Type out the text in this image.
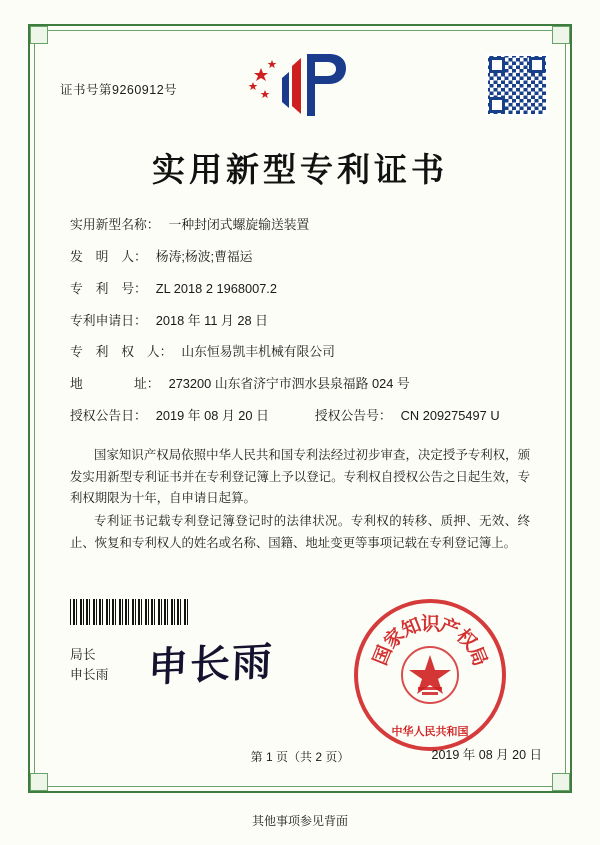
证书号第9260912号
实用新型专利证书
实用新型名称： 一种封闭式螺旋输送装置
发　明　人： 杨涛;杨波;曹福运
专　利　号： ZL 2018 2 1968007.2
专利申请日： 2018 年 11 月 28 日
专　利　权　人： 山东恒易凯丰机械有限公司
地　　　　址： 273200 山东省济宁市泗水县泉福路 024 号
授权公告日： 2019 年 08 月 20 日	授权公告号： CN 209275497 U

国家知识产权局依照中华人民共和国专利法经过初步审查，决定授予专利权，颁发实用新型专利证书并在专利登记簿上予以登记。专利权自授权公告之日起生效，专利权期限为十年，自申请日起算。

专利证书记载专利登记簿登记时的法律状况。专利权的转移、质押、无效、终止、恢复和专利权人的姓名或名称、国籍、地址变更等事项记载在专利登记簿上。

局长
申长雨 申长雨	国
家
知
识
产
权
局
中华人民共和国
2019 年 08 月 20 日
第 1 页（共 2 页）
其他事项参见背面
